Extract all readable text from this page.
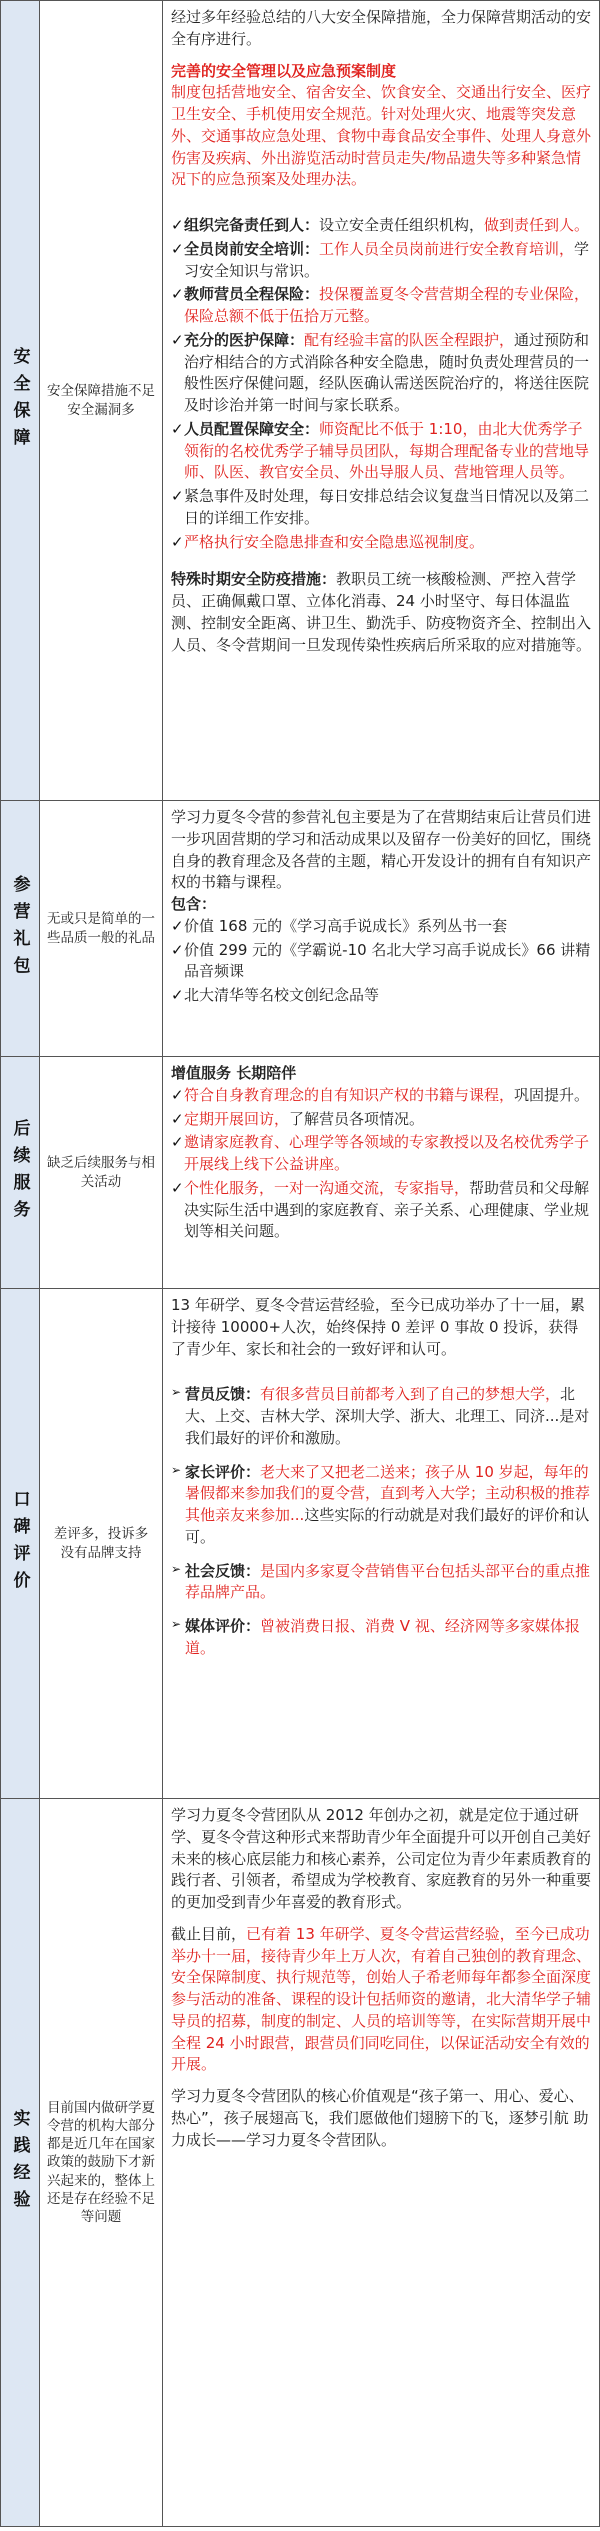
安全保障 安全保障措施不足
安全漏洞多
经过多年经验总结的八大安全保障措施，全力保障营期活动的安全有序进行。
完善的安全管理以及应急预案制度
制度包括营地安全、宿舍安全、饮食安全、交通出行安全、医疗卫生安全、手机使用安全规范。针对处理火灾、地震等突发意外、交通事故应急处理、食物中毒食品安全事件、处理人身意外伤害及疾病、外出游览活动时营员走失/物品遗失等多种紧急情况下的应急预案及处理办法。
✓ 组织完备责任到人：设立安全责任组织机构，做到责任到人。
✓ 全员岗前安全培训：工作人员全员岗前进行安全教育培训，学习安全知识与常识。
✓ 教师营员全程保险：投保覆盖夏冬令营营期全程的专业保险，保险总额不低于伍拾万元整。
✓ 充分的医护保障：配有经验丰富的队医全程跟护，通过预防和治疗相结合的方式消除各种安全隐患，随时负责处理营员的一般性医疗保健问题，经队医确认需送医院治疗的，将送往医院及时诊治并第一时间与家长联系。
✓ 人员配置保障安全：师资配比不低于 1:10，由北大优秀学子领衔的名校优秀学子辅导员团队，每期合理配备专业的营地导师、队医、教官安全员、外出导服人员、营地管理人员等。
✓ 紧急事件及时处理，每日安排总结会议复盘当日情况以及第二日的详细工作安排。
✓ 严格执行安全隐患排查和安全隐患巡视制度。
特殊时期安全防疫措施：教职员工统一核酸检测、严控入营学员、正确佩戴口罩、立体化消毒、24 小时坚守、每日体温监测、控制安全距离、讲卫生、勤洗手、防疫物资齐全、控制出入人员、冬令营期间一旦发现传染性疾病后所采取的应对措施等。
参营礼包 无或只是简单的一些品质一般的礼品
学习力夏冬令营的参营礼包主要是为了在营期结束后让营员们进一步巩固营期的学习和活动成果以及留存一份美好的回忆，围绕自身的教育理念及各营的主题，精心开发设计的拥有自有知识产权的书籍与课程。
包含：
✓ 价值 168 元的《学习高手说成长》系列丛书一套
✓ 价值 299 元的《学霸说-10 名北大学习高手说成长》66 讲精品音频课
✓ 北大清华等名校文创纪念品等
后续服务 缺乏后续服务与相关活动
增值服务 长期陪伴
✓ 符合自身教育理念的自有知识产权的书籍与课程，巩固提升。
✓ 定期开展回访，了解营员各项情况。
✓ 邀请家庭教育、心理学等各领域的专家教授以及名校优秀学子开展线上线下公益讲座。
✓ 个性化服务，一对一沟通交流，专家指导，帮助营员和父母解决实际生活中遇到的家庭教育、亲子关系、心理健康、学业规划等相关问题。
口碑评价 差评多，投诉多
没有品牌支持
13 年研学、夏冬令营运营经验，至今已成功举办了十一届，累计接待 10000+人次，始终保持 0 差评 0 事故 0 投诉，获得了青少年、家长和社会的一致好评和认可。
➢ 营员反馈：有很多营员目前都考入到了自己的梦想大学，北大、上交、吉林大学、深圳大学、浙大、北理工、同济...是对我们最好的评价和激励。
➢ 家长评价：老大来了又把老二送来；孩子从 10 岁起，每年的暑假都来参加我们的夏令营，直到考入大学；主动积极的推荐其他亲友来参加...这些实际的行动就是对我们最好的评价和认可。
➢ 社会反馈：是国内多家夏令营销售平台包括头部平台的重点推荐品牌产品。
➢ 媒体评价：曾被消费日报、消费 V 视、经济网等多家媒体报道。
实践经验
目前国内做研学夏令营的机构大部分都是近几年在国家政策的鼓励下才新兴起来的，整体上还是存在经验不足等问题
学习力夏冬令营团队从 2012 年创办之初，就是定位于通过研学、夏冬令营这种形式来帮助青少年全面提升可以开创自己美好未来的核心底层能力和核心素养，公司定位为青少年素质教育的践行者、引领者，希望成为学校教育、家庭教育的另外一种重要的更加受到青少年喜爱的教育形式。
截止目前，已有着 13 年研学、夏冬令营运营经验，至今已成功举办十一届，接待青少年上万人次，有着自己独创的教育理念、安全保障制度、执行规范等，创始人子希老师每年都参全面深度参与活动的准备、课程的设计包括师资的邀请，北大清华学子辅导员的招募，制度的制定、人员的培训等等，在实际营期开展中全程 24 小时跟营，跟营员们同吃同住，以保证活动安全有效的开展。
学习力夏冬令营团队的核心价值观是“孩子第一、用心、爱心、热心”，孩子展翅高飞，我们愿做他们翅膀下的飞，逐梦引航 助力成长——学习力夏冬令营团队。
